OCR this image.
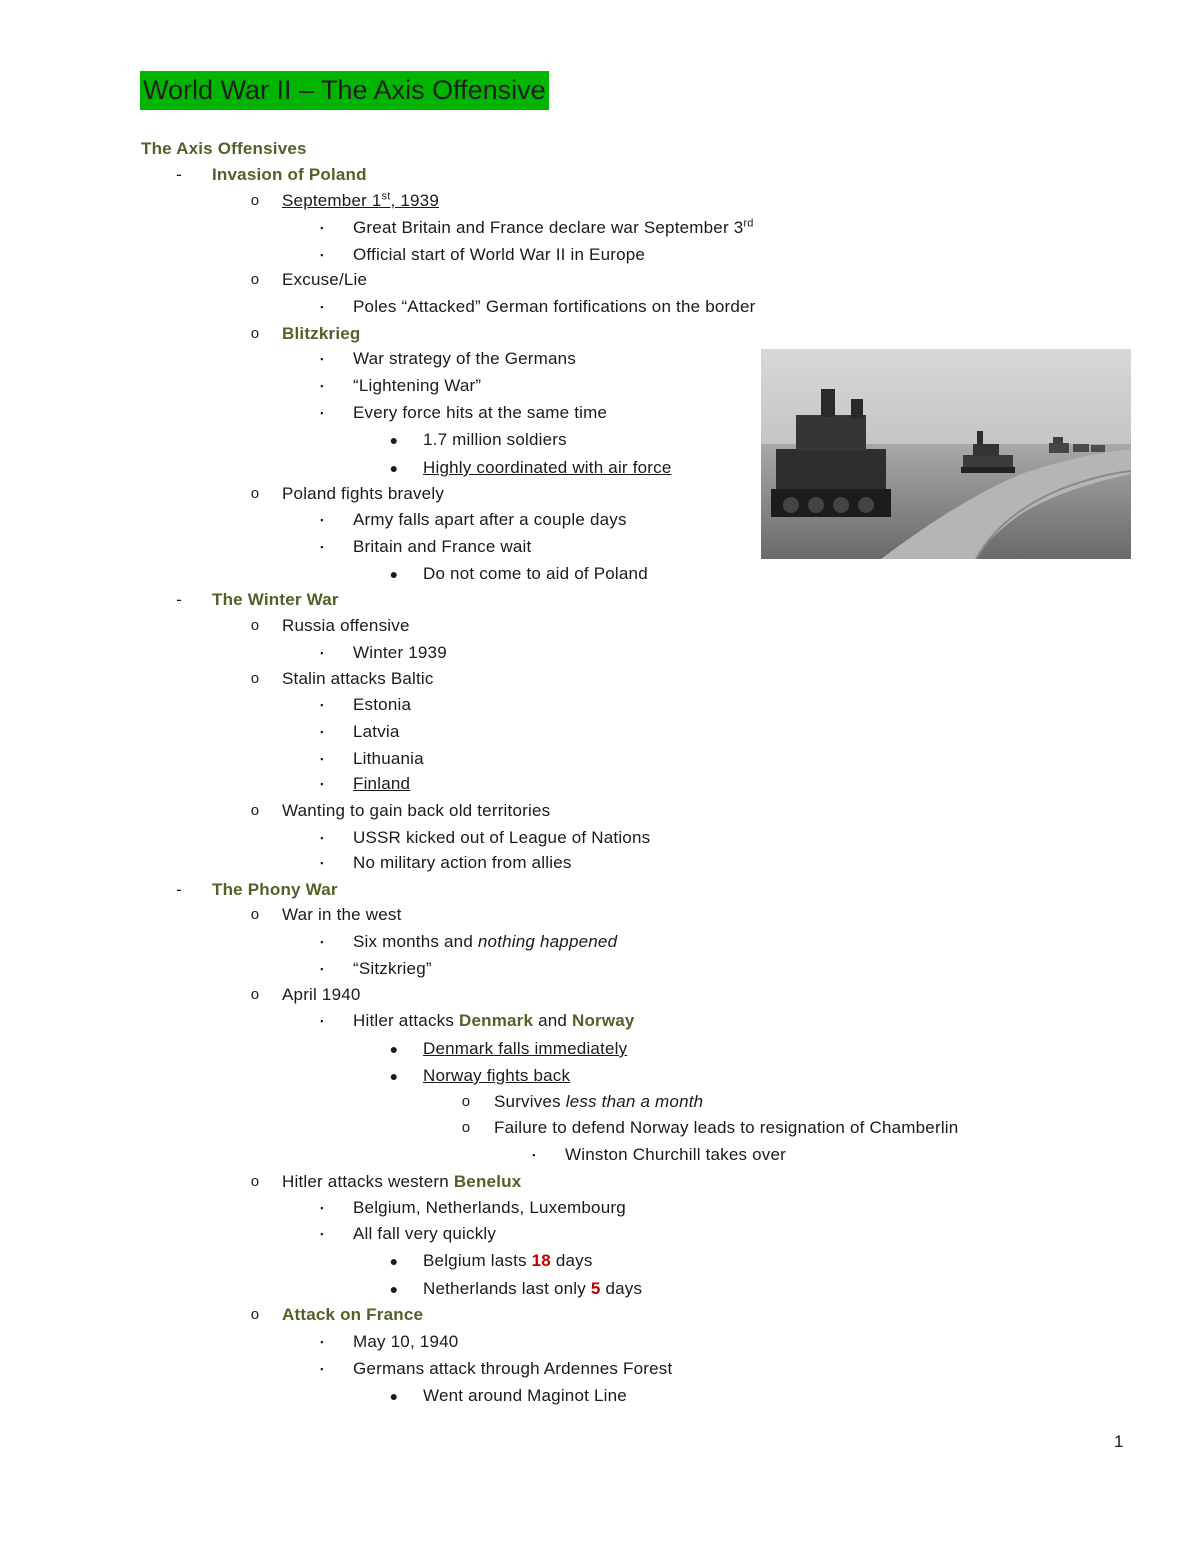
World War II – The Axis Offensive
The Axis Offensives
- Invasion of Poland
o September 1st, 1939
▪	Great Britain and France declare war September 3rd
▪	Official start of World War II in Europe
o Excuse/Lie
▪	Poles “Attacked” German fortifications on the border
o Blitzkrieg
▪	War strategy of the Germans
▪	“Lightening War”
▪	Every force hits at the same time
● 1.7 million soldiers
● Highly coordinated with air force
o Poland fights bravely
▪	Army falls apart after a couple days
▪	Britain and France wait
● Do not come to aid of Poland
- The Winter War
o Russia offensive
▪	Winter 1939
o Stalin attacks Baltic
▪	Estonia
▪	Latvia
▪	Lithuania
▪	Finland
o Wanting to gain back old territories
▪	USSR kicked out of League of Nations
▪	No military action from allies
- The Phony War
o War in the west
▪	Six months and nothing happened
▪	“Sitzkrieg”
o April 1940
▪	Hitler attacks Denmark and Norway
● Denmark falls immediately
● Norway fights back
o Survives less than a month
o Failure to defend Norway leads to resignation of Chamberlin
▪	Winston Churchill takes over
o Hitler attacks western Benelux
▪	Belgium, Netherlands, Luxembourg
▪	All fall very quickly
● Belgium lasts 18 days
● Netherlands last only 5 days
o Attack on France
▪	May 10, 1940
▪	Germans attack through Ardennes Forest
● Went around Maginot Line
1
